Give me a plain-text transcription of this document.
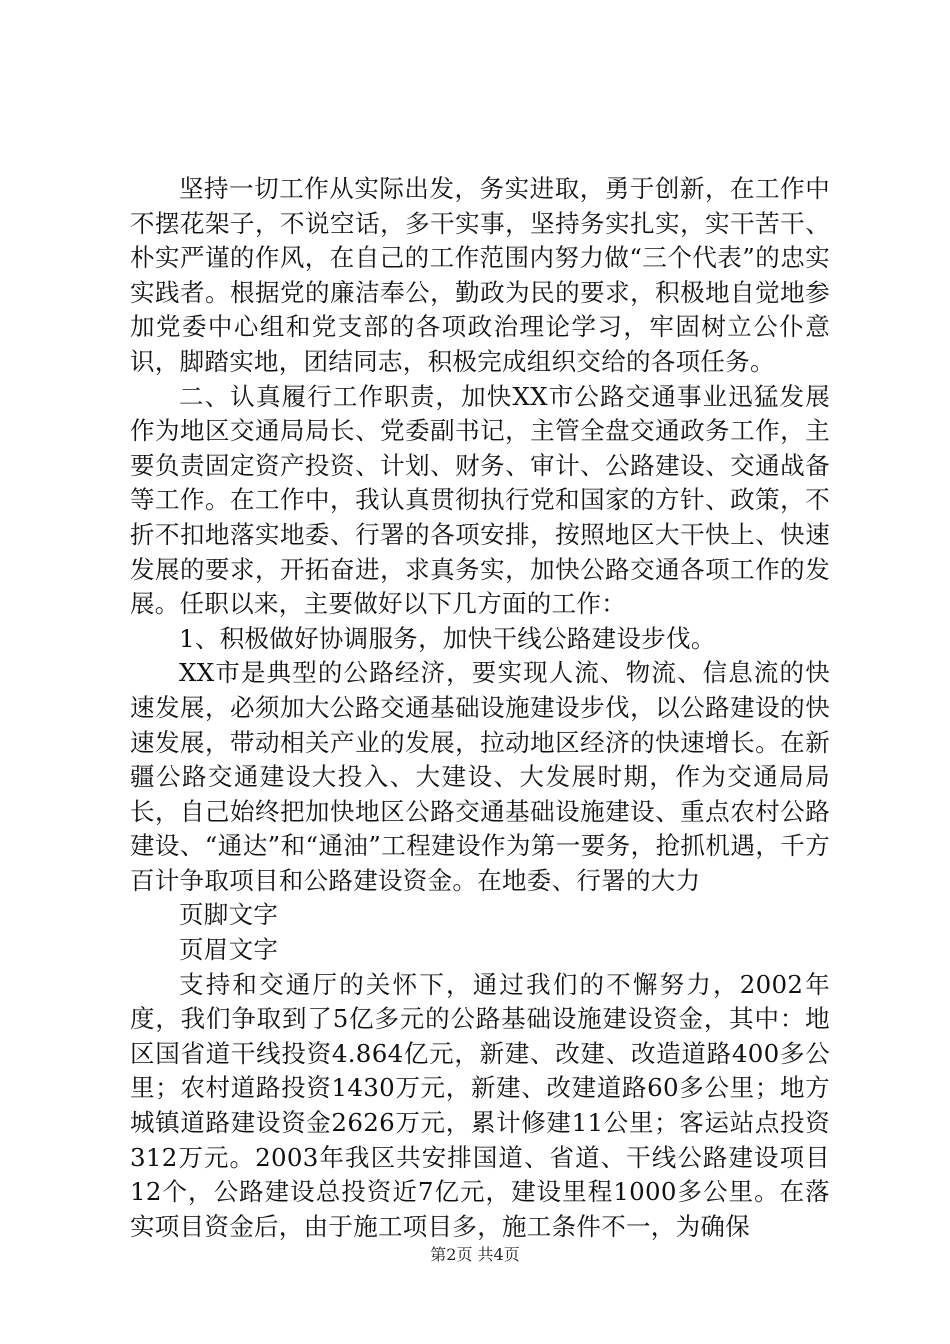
坚持一切工作从实际出发，务实进取，勇于创新，在工作中不摆花架子，不说空话，多干实事，坚持务实扎实，实干苦干、朴实严谨的作风，在自己的工作范围内努力做“三个代表”的忠实实践者。根据党的廉洁奉公，勤政为民的要求，积极地自觉地参加党委中心组和党支部的各项政治理论学习，牢固树立公仆意识，脚踏实地，团结同志，积极完成组织交给的各项任务。

二、认真履行工作职责，加快XX市公路交通事业迅猛发展作为地区交通局局长、党委副书记，主管全盘交通政务工作，主要负责固定资产投资、计划、财务、审计、公路建设、交通战备等工作。在工作中，我认真贯彻执行党和国家的方针、政策，不折不扣地落实地委、行署的各项安排，按照地区大干快上、快速发展的要求，开拓奋进，求真务实，加快公路交通各项工作的发展。任职以来，主要做好以下几方面的工作：

1、积极做好协调服务，加快干线公路建设步伐。

XX市是典型的公路经济，要实现人流、物流、信息流的快速发展，必须加大公路交通基础设施建设步伐，以公路建设的快速发展，带动相关产业的发展，拉动地区经济的快速增长。在新疆公路交通建设大投入、大建设、大发展时期，作为交通局局长，自己始终把加快地区公路交通基础设施建设、重点农村公路建设、“通达”和“通油”工程建设作为第一要务，抢抓机遇，千方百计争取项目和公路建设资金。在地委、行署的大力

页脚文字

页眉文字

支持和交通厅的关怀下，通过我们的不懈努力，2002年度，我们争取到了5亿多元的公路基础设施建设资金，其中：地区国省道干线投资4.864亿元，新建、改建、改造道路400多公里；农村道路投资1430万元，新建、改建道路60多公里；地方城镇道路建设资金2626万元，累计修建11公里；客运站点投资312万元。2003年我区共安排国道、省道、干线公路建设项目12个，公路建设总投资近7亿元，建设里程1000多公里。在落实项目资金后，由于施工项目多，施工条件不一，为确保

第2页 共4页
